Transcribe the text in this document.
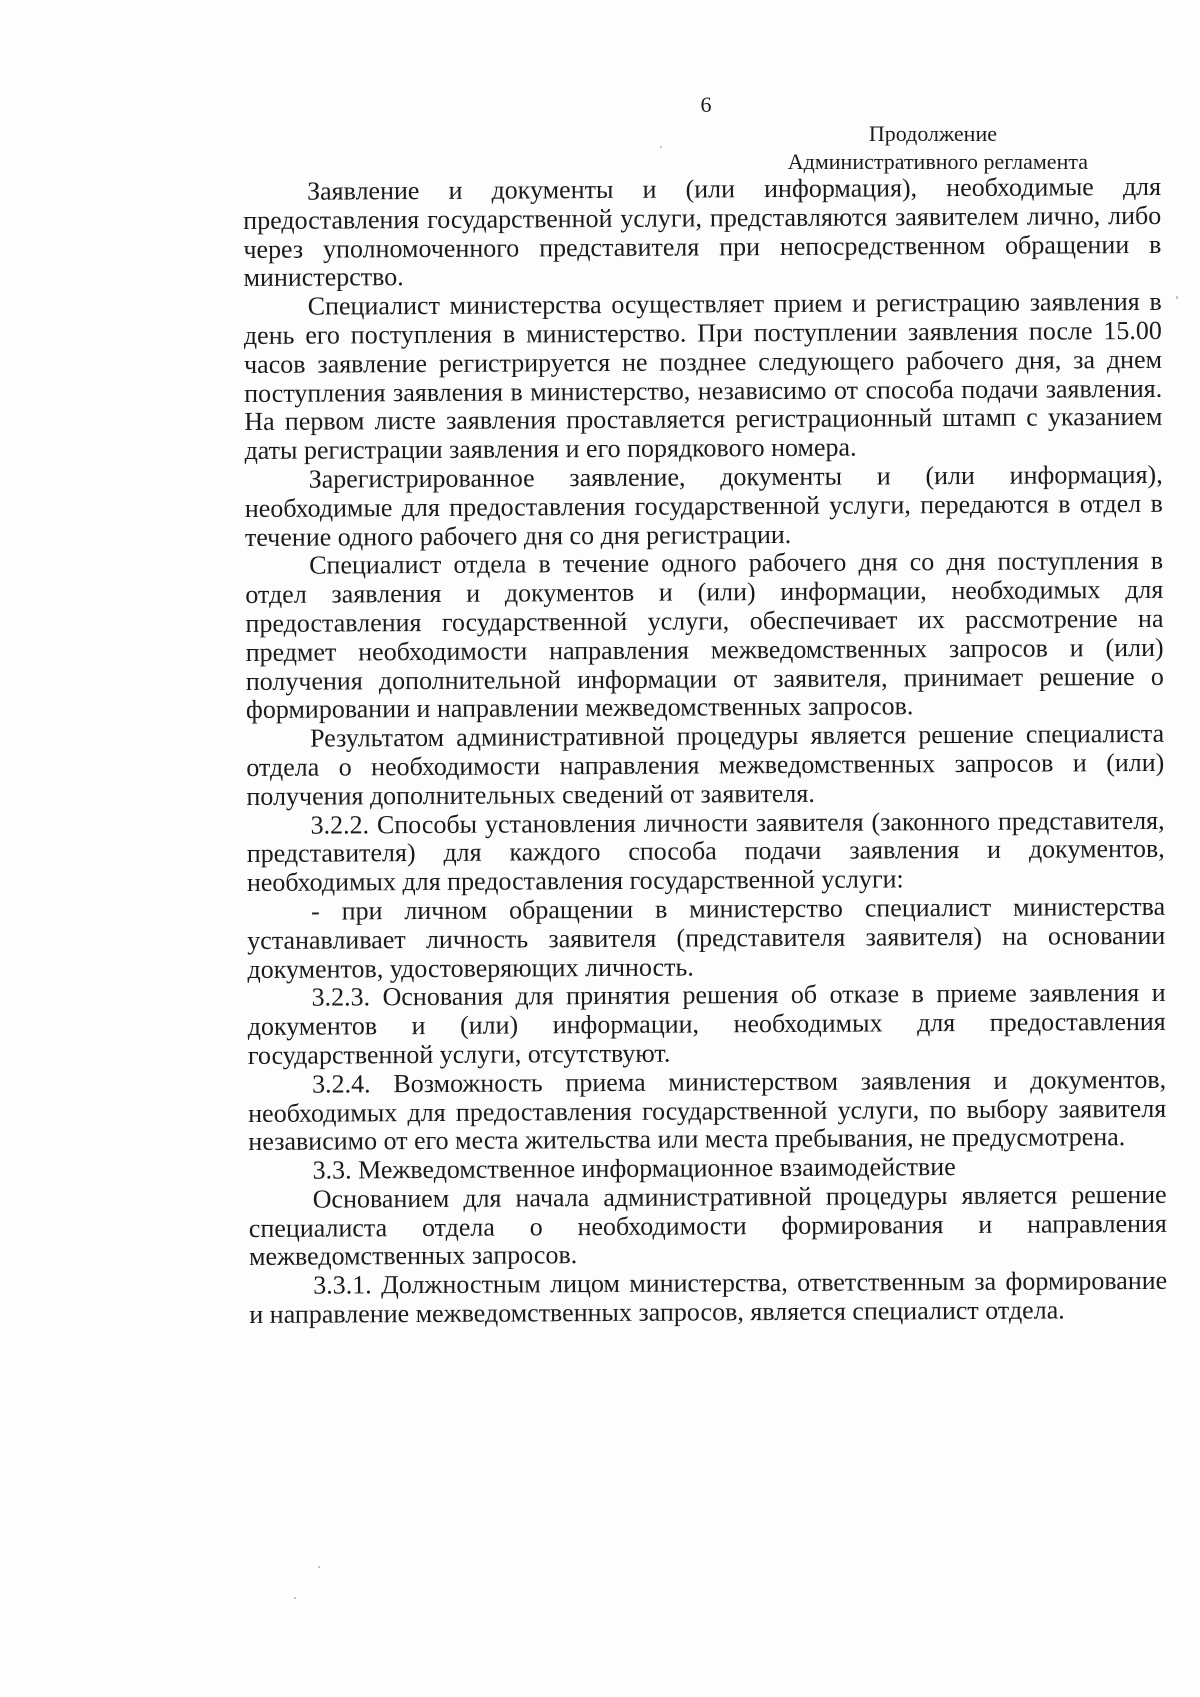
6
Продолжение
Административного регламента

Заявление и документы и (или информация), необходимые для предоставления государственной услуги, представляются заявителем лично, либо через уполномоченного представителя при непосредственном обращении в министерство.

Специалист министерства осуществляет прием и регистрацию заявления в день его поступления в министерство. При поступлении заявления после 15.00 часов заявление регистрируется не позднее следующего рабочего дня, за днем поступления заявления в министерство, независимо от способа подачи заявления. На первом листе заявления проставляется регистрационный штамп с указанием даты регистрации заявления и его порядкового номера.

Зарегистрированное заявление, документы и (или информация), необходимые для предоставления государственной услуги, передаются в отдел в течение одного рабочего дня со дня регистрации.

Специалист отдела в течение одного рабочего дня со дня поступления в отдел заявления и документов и (или) информации, необходимых для предоставления государственной услуги, обеспечивает их рассмотрение на предмет необходимости направления межведомственных запросов и (или) получения дополнительной информации от заявителя, принимает решение о формировании и направлении межведомственных запросов.

Результатом административной процедуры является решение специалиста отдела о необходимости направления межведомственных запросов и (или) получения дополнительных сведений от заявителя.

3.2.2. Способы установления личности заявителя (законного представителя, представителя) для каждого способа подачи заявления и документов, необходимых для предоставления государственной услуги:

- при личном обращении в министерство специалист министерства устанавливает личность заявителя (представителя заявителя) на основании документов, удостоверяющих личность.

3.2.3. Основания для принятия решения об отказе в приеме заявления и документов и (или) информации, необходимых для предоставления государственной услуги, отсутствуют.

3.2.4. Возможность приема министерством заявления и документов, необходимых для предоставления государственной услуги, по выбору заявителя независимо от его места жительства или места пребывания, не предусмотрена.

3.3. Межведомственное информационное взаимодействие

Основанием для начала административной процедуры является решение специалиста отдела о необходимости формирования и направления межведомственных запросов.

3.3.1. Должностным лицом министерства, ответственным за формирование и направление межведомственных запросов, является специалист отдела.
